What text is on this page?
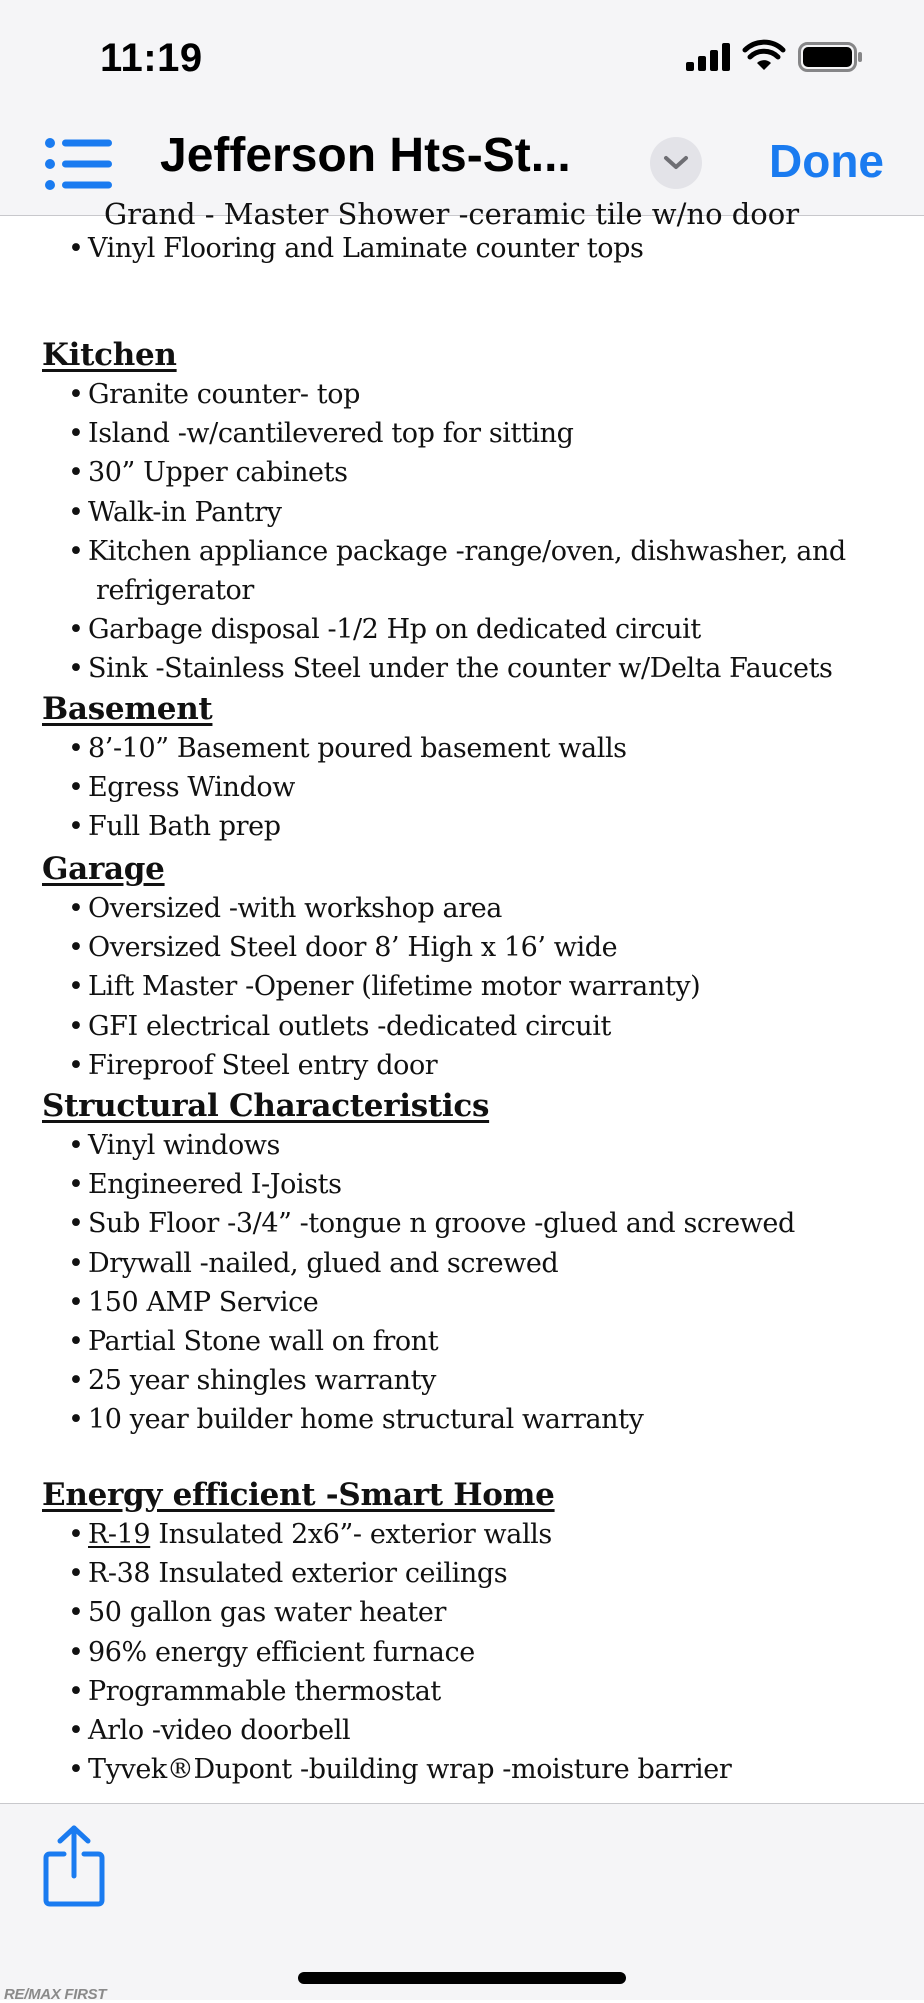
11:19
Jefferson Hts-St...	Done
Grand - Master Shower -ceramic tile w/no door
• Vinyl Flooring and Laminate counter tops
Kitchen
• Granite counter- top
• Island -w/cantilevered top for sitting
• 30” Upper cabinets
• Walk-in Pantry
• Kitchen appliance package -range/oven, dishwasher, and
refrigerator
• Garbage disposal -1/2 Hp on dedicated circuit
• Sink -Stainless Steel under the counter w/Delta Faucets
Basement
• 8’-10” Basement poured basement walls
• Egress Window
• Full Bath prep
Garage
• Oversized -with workshop area
• Oversized Steel door 8’ High x 16’ wide
• Lift Master -Opener (lifetime motor warranty)
• GFI electrical outlets -dedicated circuit
• Fireproof Steel entry door
Structural Characteristics
• Vinyl windows
• Engineered I-Joists
• Sub Floor -3/4” -tongue n groove -glued and screwed
• Drywall -nailed, glued and screwed
• 150 AMP Service
• Partial Stone wall on front
• 25 year shingles warranty
• 10 year builder home structural warranty
Energy efficient -Smart Home
• R-19 Insulated 2x6”- exterior walls
• R-38 Insulated exterior ceilings
• 50 gallon gas water heater
• 96% energy efficient furnace
• Programmable thermostat
• Arlo -video doorbell
• Tyvek®Dupont -building wrap -moisture barrier
RE/MAX FIRST
